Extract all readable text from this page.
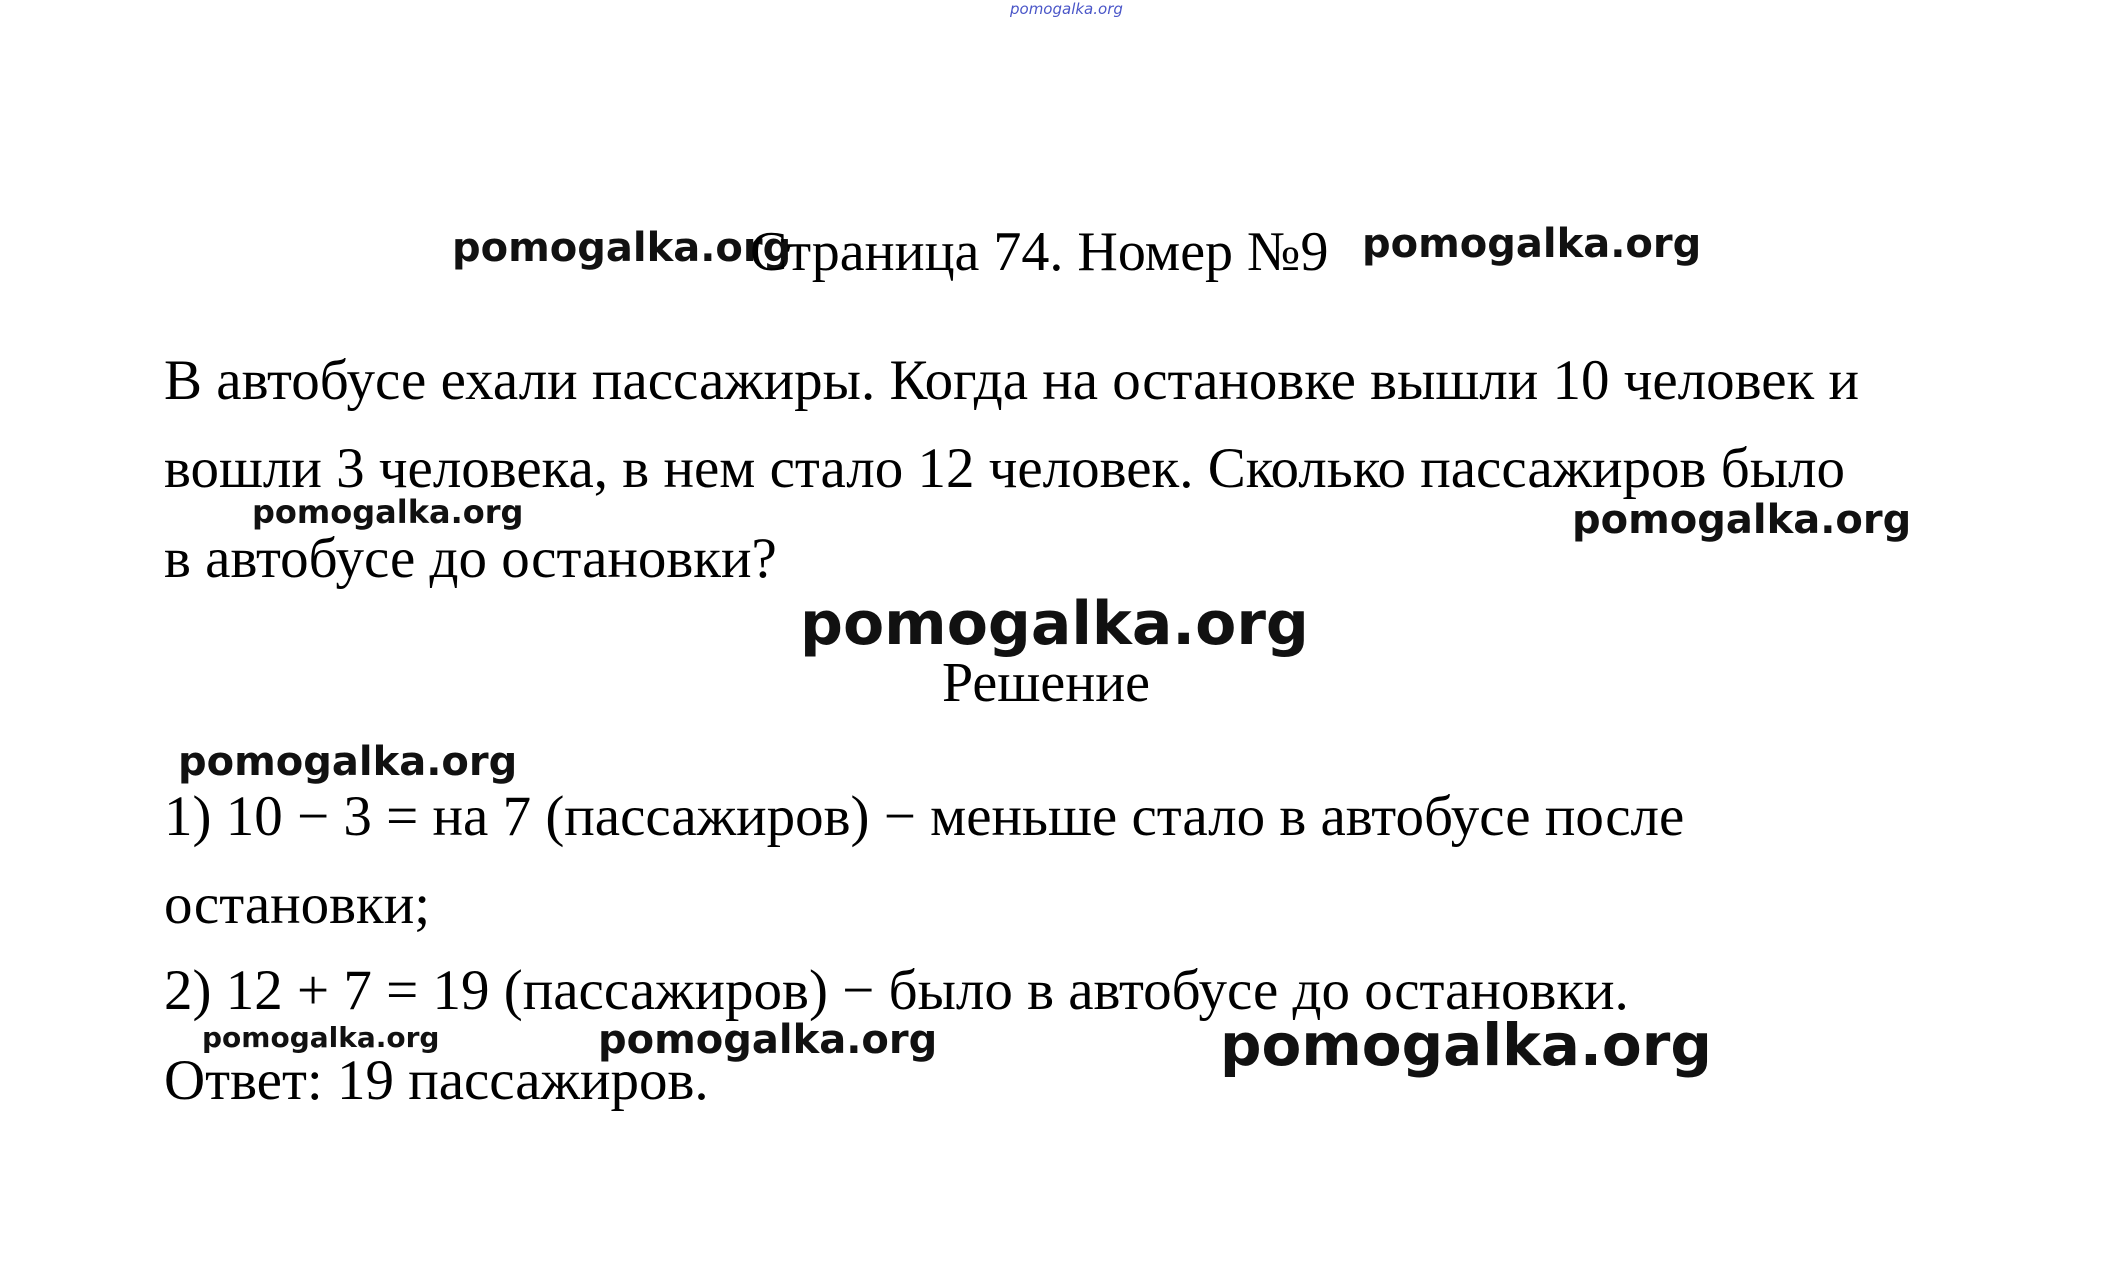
pomogalka.org
pomogalka.org
Страница 74. Номер №9 pomogalka.org
В автобусе ехали пассажиры. Когда на остановке вышли 10 человек и
вошли 3 человека, в нем стало 12 человек. Сколько пассажиров было
в автобусе до остановки?
pomogalka.org	pomogalka.org
pomogalka.org
Решение
pomogalka.org
1) 10 − 3 = на 7 (пассажиров) − меньше стало в автобусе после
остановки;
2) 12 + 7 = 19 (пассажиров) − было в автобусе до остановки.
Ответ: 19 пассажиров.
pomogalka.org	pomogalka.org	pomogalka.org
